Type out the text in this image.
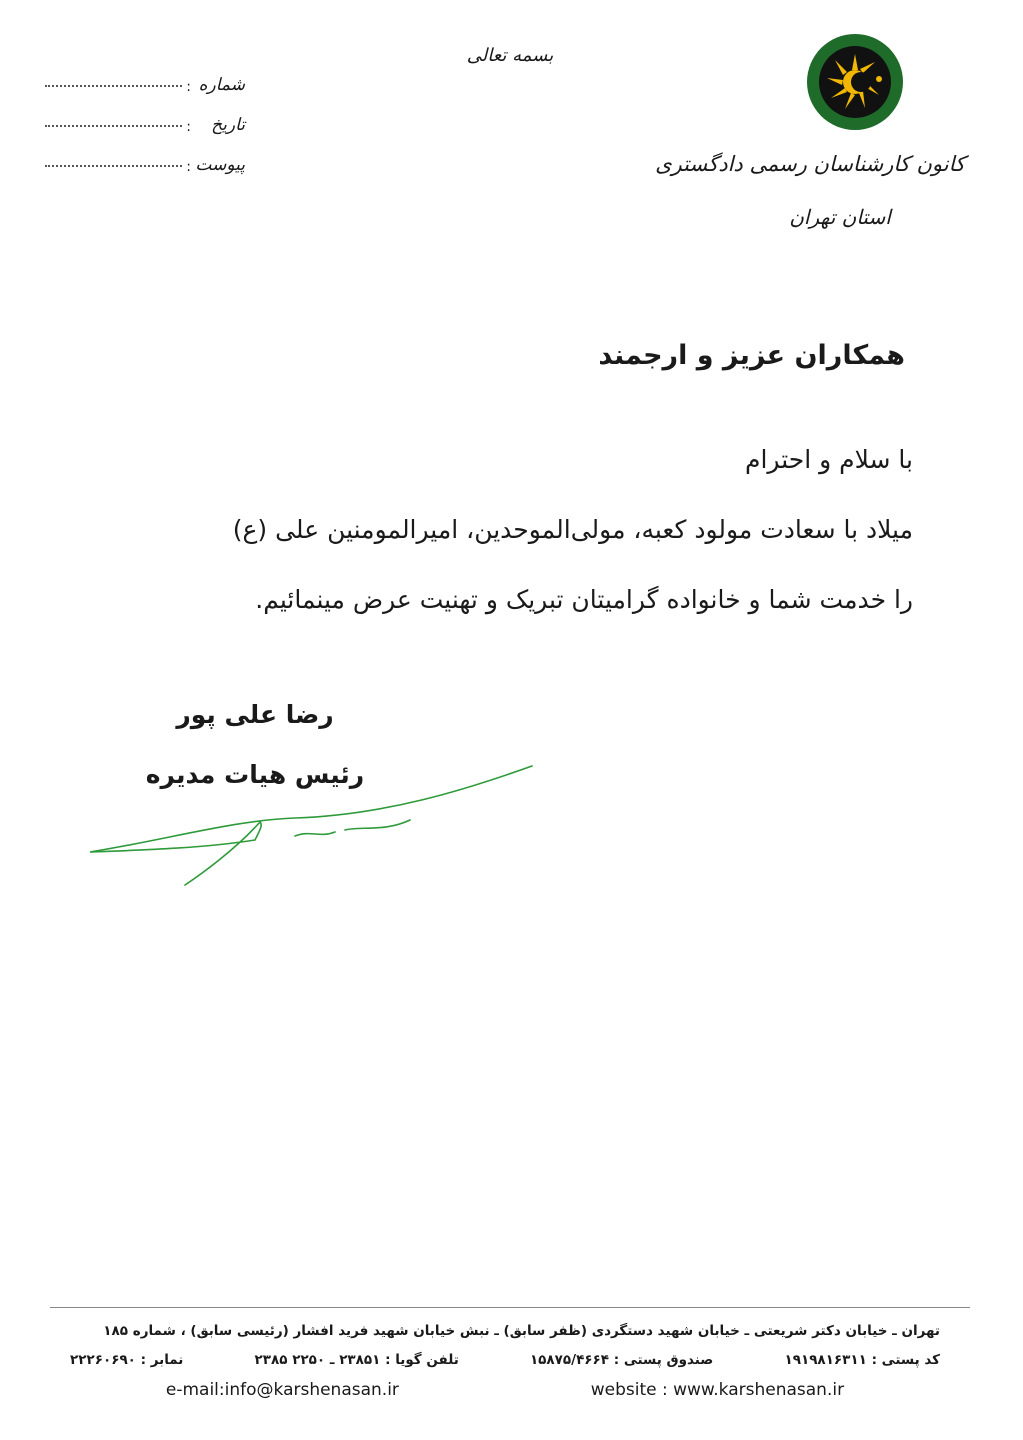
شماره
:
تاریخ
:
پیوست
:
بسمه تعالی
کانون کارشناسان رسمی دادگستری
استان تهران
همکاران عزیز و ارجمند
با سلام و احترام
میلاد با سعادت مولود کعبه، مولی‌الموحدین، امیرالمومنین علی (ع)
را خدمت شما و خانواده گرامیتان تبریک و تهنیت عرض مینمائیم.
رضا علی پور
رئیس هیات مدیره
تهران ـ خیابان دکتر شریعتی ـ خیابان شهید دستگردی (ظفر سابق) ـ نبش خیابان شهید فرید افشار (رئیسی سابق) ، شماره ۱۸۵
کد پستی : ۱۹۱۹۸۱۶۳۱۱
صندوق پستی : ۱۵۸۷۵/۴۶۶۴
تلفن گویا : ۲۳۸۵۱ ـ ۲۲۵۰ ۲۳۸۵
نمابر : ۲۲۲۶۰۶۹۰
e-mail:info@karshenasan.ir	website : www.karshenasan.ir
